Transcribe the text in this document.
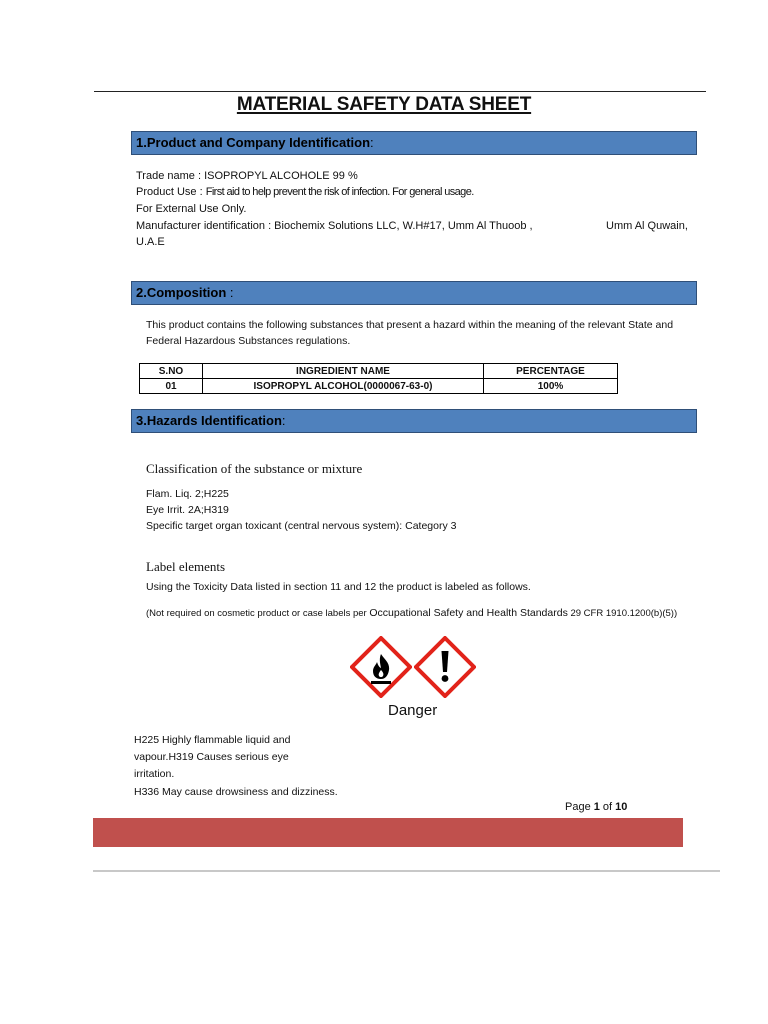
MATERIAL SAFETY DATA SHEET
1.Product and Company Identification:
Trade name : ISOPROPYL ALCOHOLE 99 %
Product Use : First aid to help prevent the risk of infection. For general usage.
For External Use Only.
Manufacturer identification : Biochemix Solutions LLC, W.H#17, Umm Al Thuoob ,	Umm Al Quwain,
U.A.E
2.Composition :
This product contains the following substances that present a hazard within the meaning of the relevant State and
Federal Hazardous Substances regulations.
S.NO	INGREDIENT NAME	PERCENTAGE
01	ISOPROPYL ALCOHOL(0000067-63-0)	100%
3.Hazards Identification:
Classification of the substance or mixture
Flam. Liq. 2;H225
Eye Irrit. 2A;H319
Specific target organ toxicant (central nervous system): Category 3
Label elements
Using the Toxicity Data listed in section 11 and 12 the product is labeled as follows.
(Not required on cosmetic product or case labels per Occupational Safety and Health Standards 29 CFR 1910.1200(b)(5))
Danger
H225 Highly flammable liquid and
vapour.H319 Causes serious eye
irritation.
H336 May cause drowsiness and dizziness.
Page 1 of 10
